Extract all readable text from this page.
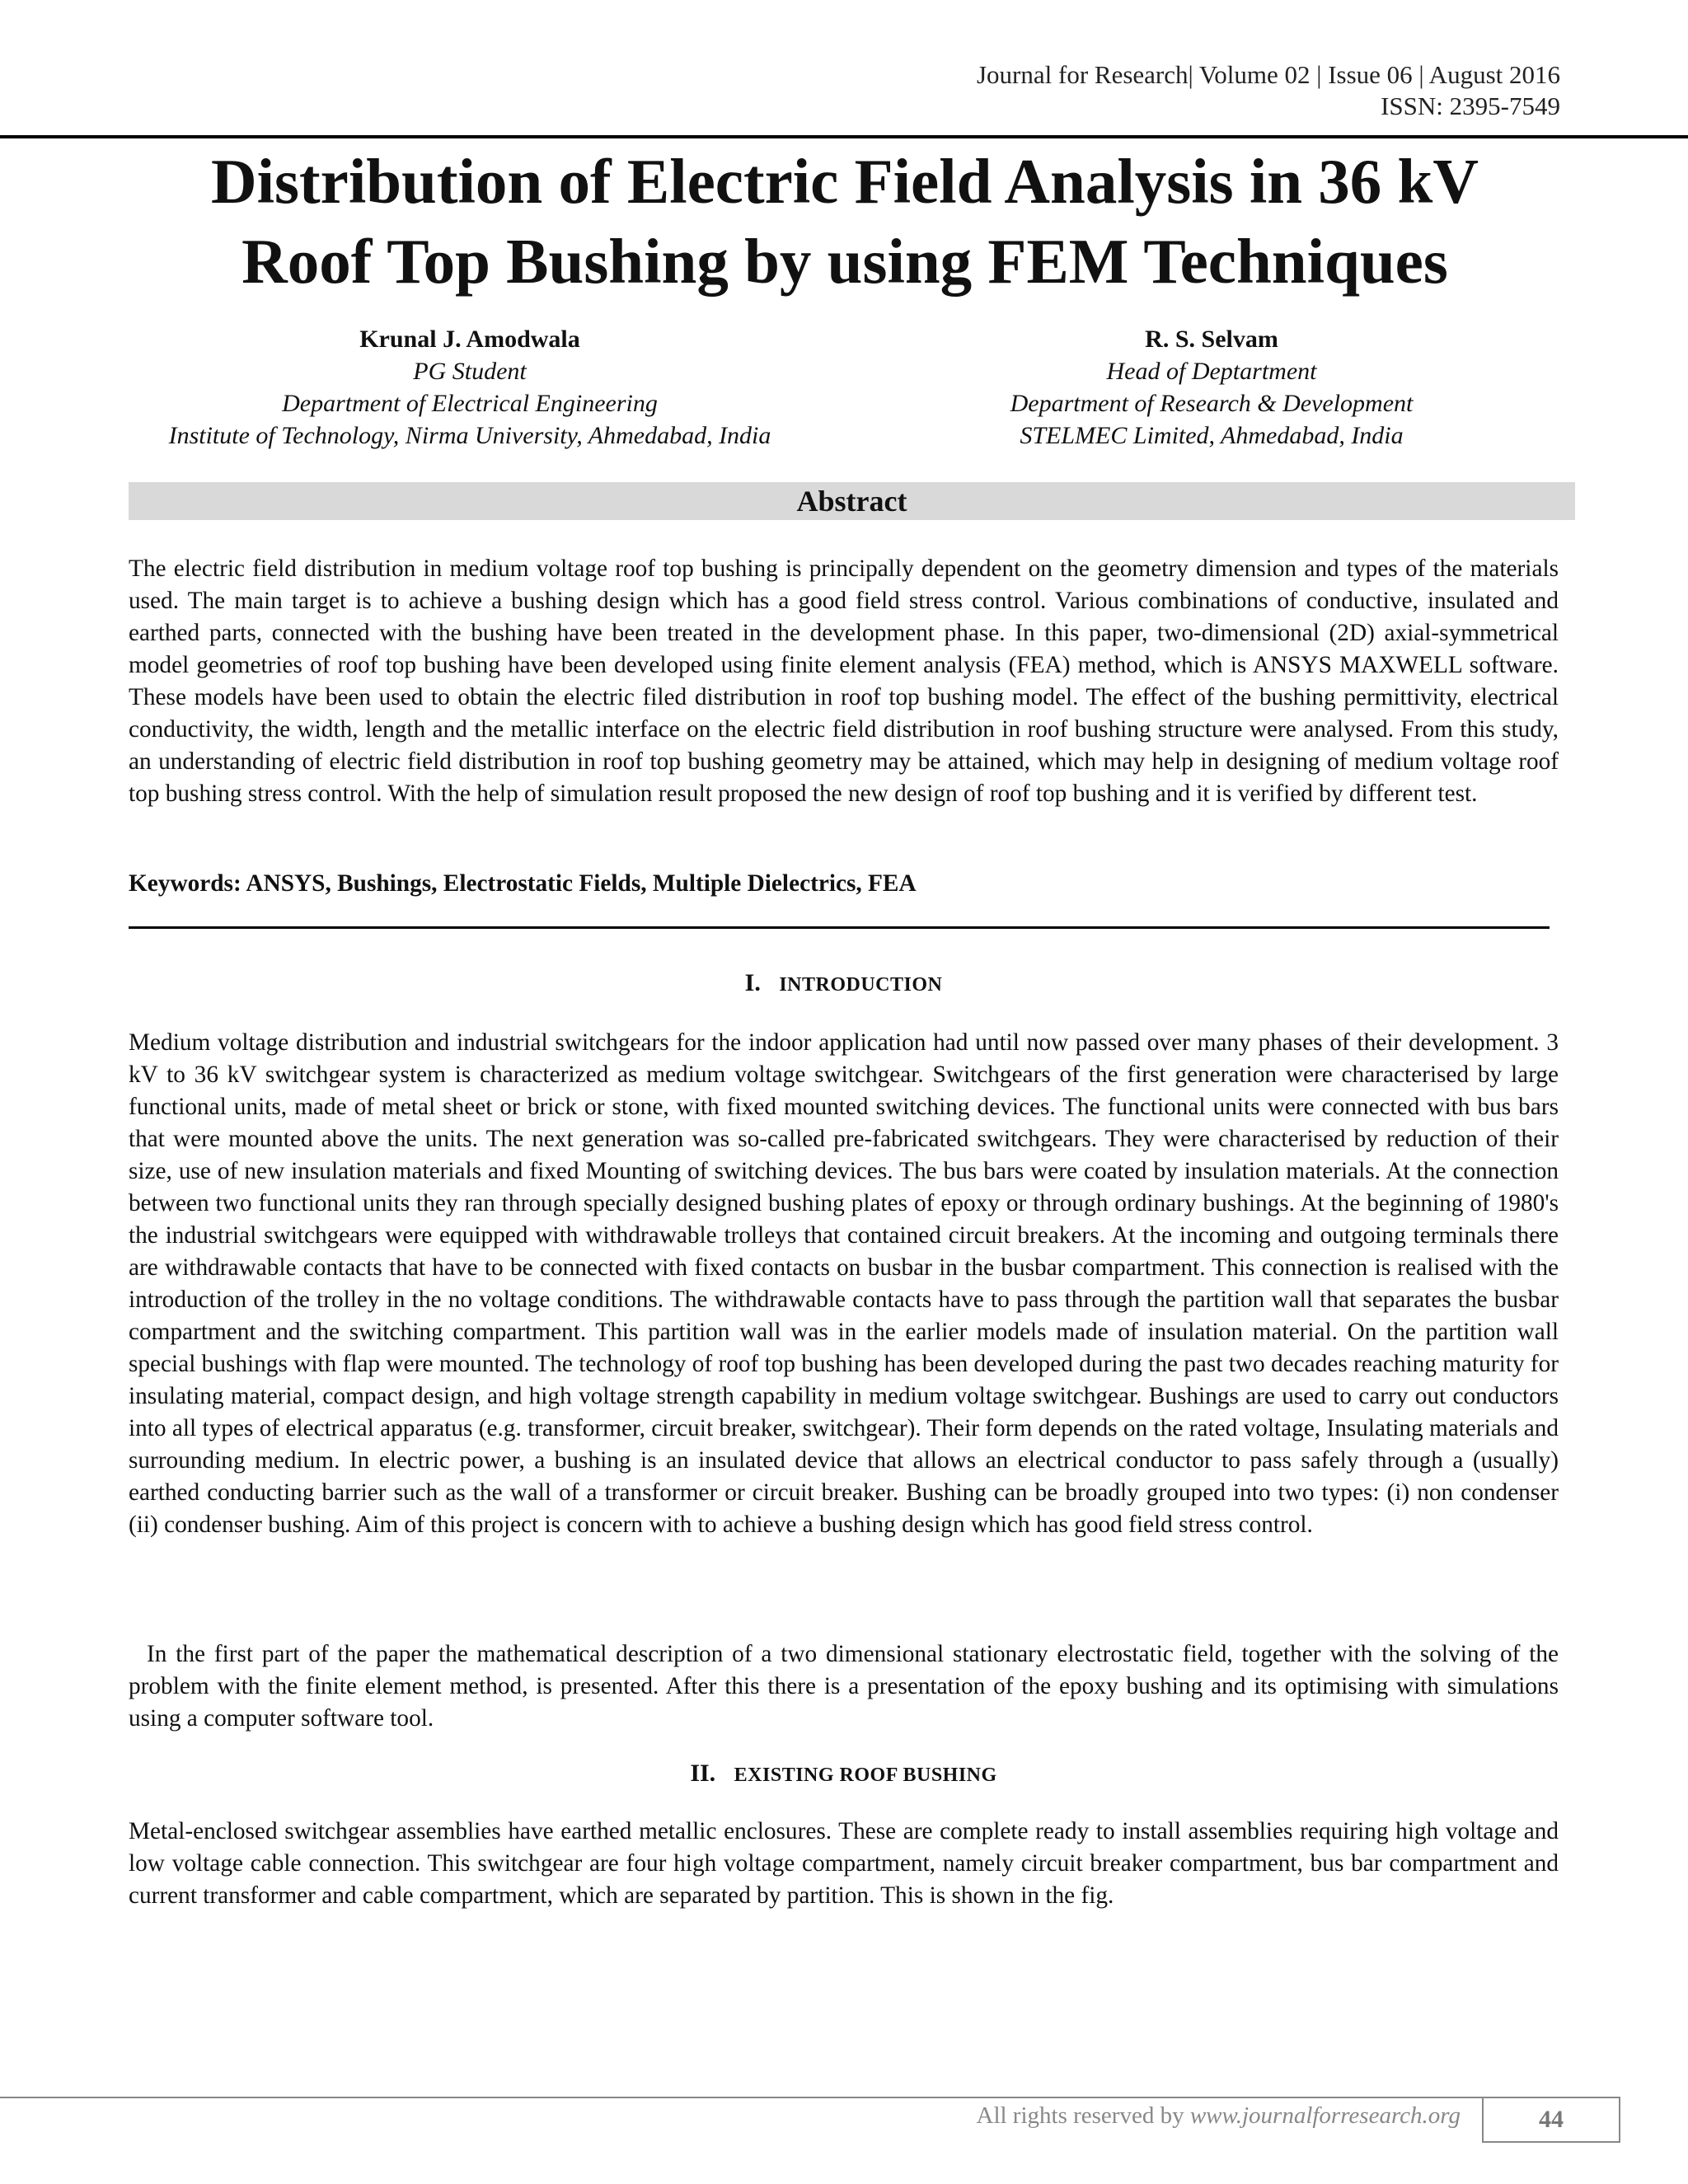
Journal for Research| Volume 02 | Issue 06 | August 2016
ISSN: 2395-7549
Distribution of Electric Field Analysis in 36 kV
Roof Top Bushing by using FEM Techniques
Krunal J. Amodwala
PG Student
Department of Electrical Engineering
Institute of Technology, Nirma University, Ahmedabad, India
R. S. Selvam
Head of Deptartment
Department of Research & Development
STELMEC Limited, Ahmedabad, India
Abstract
The electric field distribution in medium voltage roof top bushing is principally dependent on the geometry dimension and types of the materials used. The main target is to achieve a bushing design which has a good field stress control. Various combinations of conductive, insulated and earthed parts, connected with the bushing have been treated in the development phase. In this paper, two-dimensional (2D) axial-symmetrical model geometries of roof top bushing have been developed using finite element analysis (FEA) method, which is ANSYS MAXWELL software. These models have been used to obtain the electric filed distribution in roof top bushing model. The effect of the bushing permittivity, electrical conductivity, the width, length and the metallic interface on the electric field distribution in roof bushing structure were analysed. From this study, an understanding of electric field distribution in roof top bushing geometry may be attained, which may help in designing of medium voltage roof top bushing stress control. With the help of simulation result proposed the new design of roof top bushing and it is verified by different test.
Keywords: ANSYS, Bushings, Electrostatic Fields, Multiple Dielectrics, FEA
I. INTRODUCTION
Medium voltage distribution and industrial switchgears for the indoor application had until now passed over many phases of their development. 3 kV to 36 kV switchgear system is characterized as medium voltage switchgear. Switchgears of the first generation were characterised by large functional units, made of metal sheet or brick or stone, with fixed mounted switching devices. The functional units were connected with bus bars that were mounted above the units. The next generation was so-called pre-fabricated switchgears. They were characterised by reduction of their size, use of new insulation materials and fixed Mounting of switching devices. The bus bars were coated by insulation materials. At the connection between two functional units they ran through specially designed bushing plates of epoxy or through ordinary bushings. At the beginning of 1980's the industrial switchgears were equipped with withdrawable trolleys that contained circuit breakers. At the incoming and outgoing terminals there are withdrawable contacts that have to be connected with fixed contacts on busbar in the busbar compartment. This connection is realised with the introduction of the trolley in the no voltage conditions. The withdrawable contacts have to pass through the partition wall that separates the busbar compartment and the switching compartment. This partition wall was in the earlier models made of insulation material. On the partition wall special bushings with flap were mounted. The technology of roof top bushing has been developed during the past two decades reaching maturity for insulating material, compact design, and high voltage strength capability in medium voltage switchgear. Bushings are used to carry out conductors into all types of electrical apparatus (e.g. transformer, circuit breaker, switchgear). Their form depends on the rated voltage, Insulating materials and surrounding medium. In electric power, a bushing is an insulated device that allows an electrical conductor to pass safely through a (usually) earthed conducting barrier such as the wall of a transformer or circuit breaker. Bushing can be broadly grouped into two types: (i) non condenser (ii) condenser bushing. Aim of this project is concern with to achieve a bushing design which has good field stress control.
In the first part of the paper the mathematical description of a two dimensional stationary electrostatic field, together with the solving of the problem with the finite element method, is presented. After this there is a presentation of the epoxy bushing and its optimising with simulations using a computer software tool.
II. EXISTING ROOF BUSHING
Metal-enclosed switchgear assemblies have earthed metallic enclosures. These are complete ready to install assemblies requiring high voltage and low voltage cable connection. This switchgear are four high voltage compartment, namely circuit breaker compartment, bus bar compartment and current transformer and cable compartment, which are separated by partition. This is shown in the fig.
All rights reserved by www.journalforresearch.org	44
